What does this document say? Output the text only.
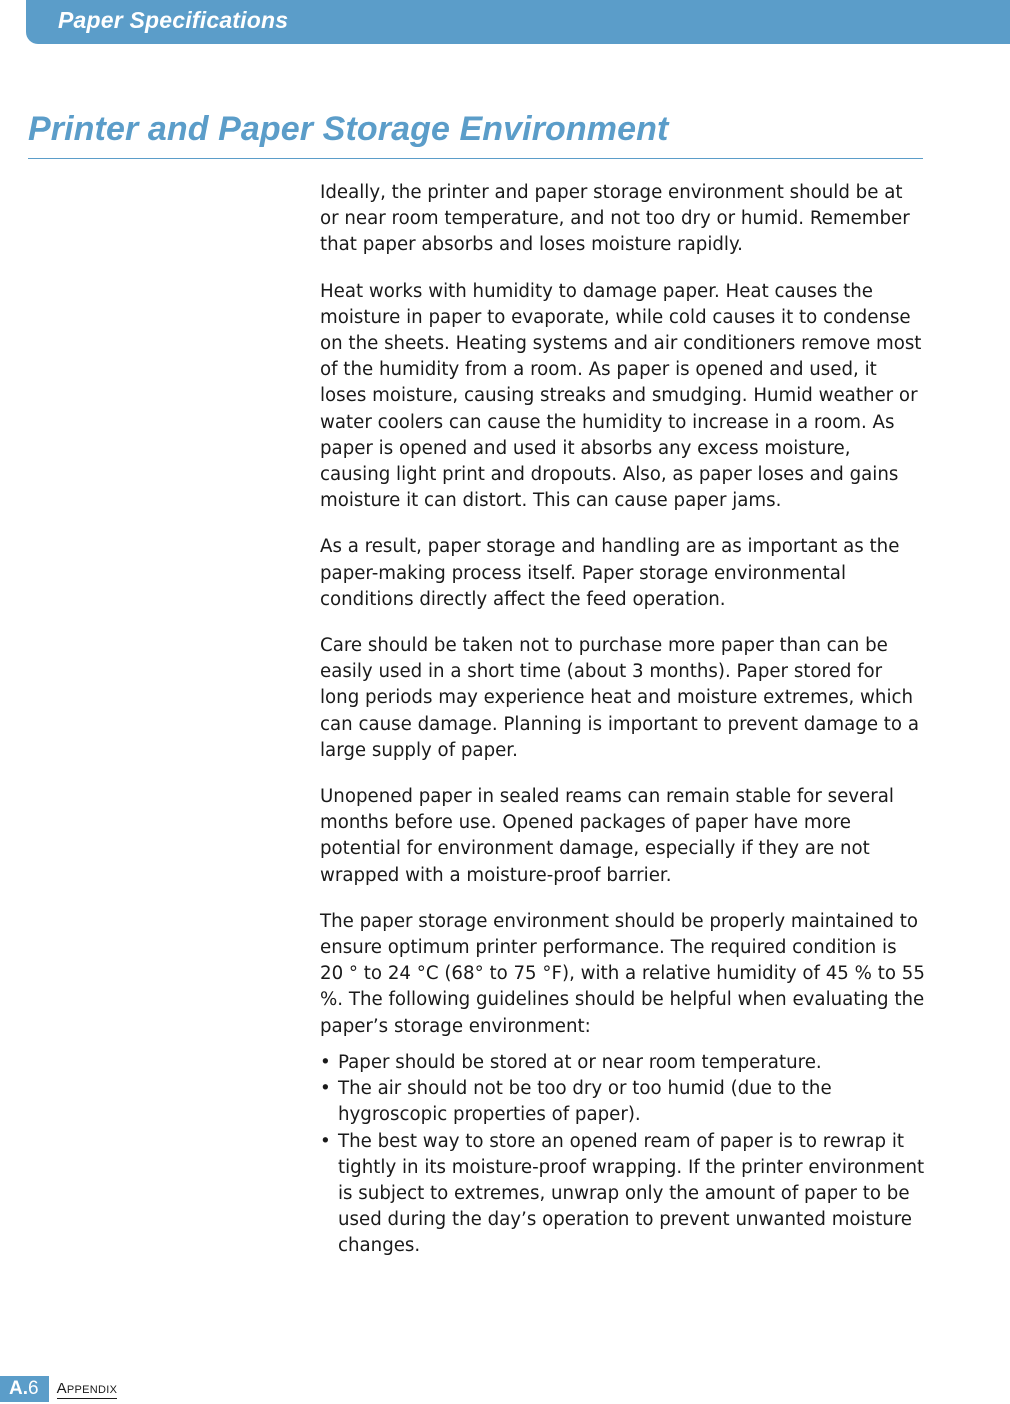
Paper Specifications
Printer and Paper Storage Environment

Ideally, the printer and paper storage environment should be at or near room temperature, and not too dry or humid. Remember that paper absorbs and loses moisture rapidly.

Heat works with humidity to damage paper. Heat causes the moisture in paper to evaporate, while cold causes it to condense on the sheets. Heating systems and air conditioners remove most of the humidity from a room. As paper is opened and used, it loses moisture, causing streaks and smudging. Humid weather or water coolers can cause the humidity to increase in a room. As paper is opened and used it absorbs any excess moisture, causing light print and dropouts. Also, as paper loses and gains moisture it can distort. This can cause paper jams.

As a result, paper storage and handling are as important as the paper-making process itself. Paper storage environmental conditions directly affect the feed operation.

Care should be taken not to purchase more paper than can be easily used in a short time (about 3 months). Paper stored for long periods may experience heat and moisture extremes, which can cause damage. Planning is important to prevent damage to a large supply of paper.

Unopened paper in sealed reams can remain stable for several months before use. Opened packages of paper have more potential for environment damage, especially if they are not wrapped with a moisture-proof barrier.

The paper storage environment should be properly maintained to ensure optimum printer performance. The required condition is 20 ° to 24 °C (68° to 75 °F), with a relative humidity of 45 % to 55 %. The following guidelines should be helpful when evaluating the paper’s storage environment:

• Paper should be stored at or near room temperature.
• The air should not be too dry or too humid (due to the hygroscopic properties of paper).
• The best way to store an opened ream of paper is to rewrap it tightly in its moisture-proof wrapping. If the printer environment is subject to extremes, unwrap only the amount of paper to be used during the day’s operation to prevent unwanted moisture changes.
A. 6 Appendix
